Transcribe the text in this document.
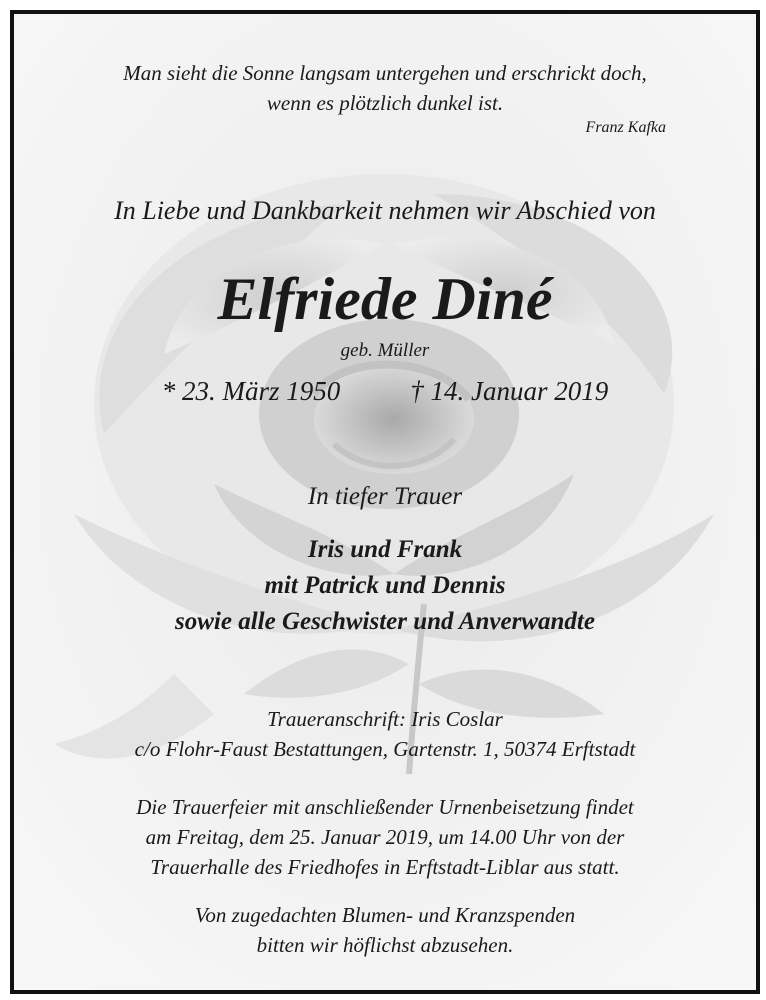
Man sieht die Sonne langsam untergehen und erschrickt doch,
wenn es plötzlich dunkel ist.

Franz Kafka

In Liebe und Dankbarkeit nehmen wir Abschied von

Elfriede Diné

geb. Müller

* 23. März 1950	† 14. Januar 2019

In tiefer Trauer

Iris und Frank
mit Patrick und Dennis
sowie alle Geschwister und Anverwandte

Traueranschrift: Iris Coslar
c/o Flohr-Faust Bestattungen, Gartenstr. 1, 50374 Erftstadt

Die Trauerfeier mit anschließender Urnenbeisetzung findet
am Freitag, dem 25. Januar 2019, um 14.00 Uhr von der
Trauerhalle des Friedhofes in Erftstadt-Liblar aus statt.

Von zugedachten Blumen- und Kranzspenden
bitten wir höflichst abzusehen.
